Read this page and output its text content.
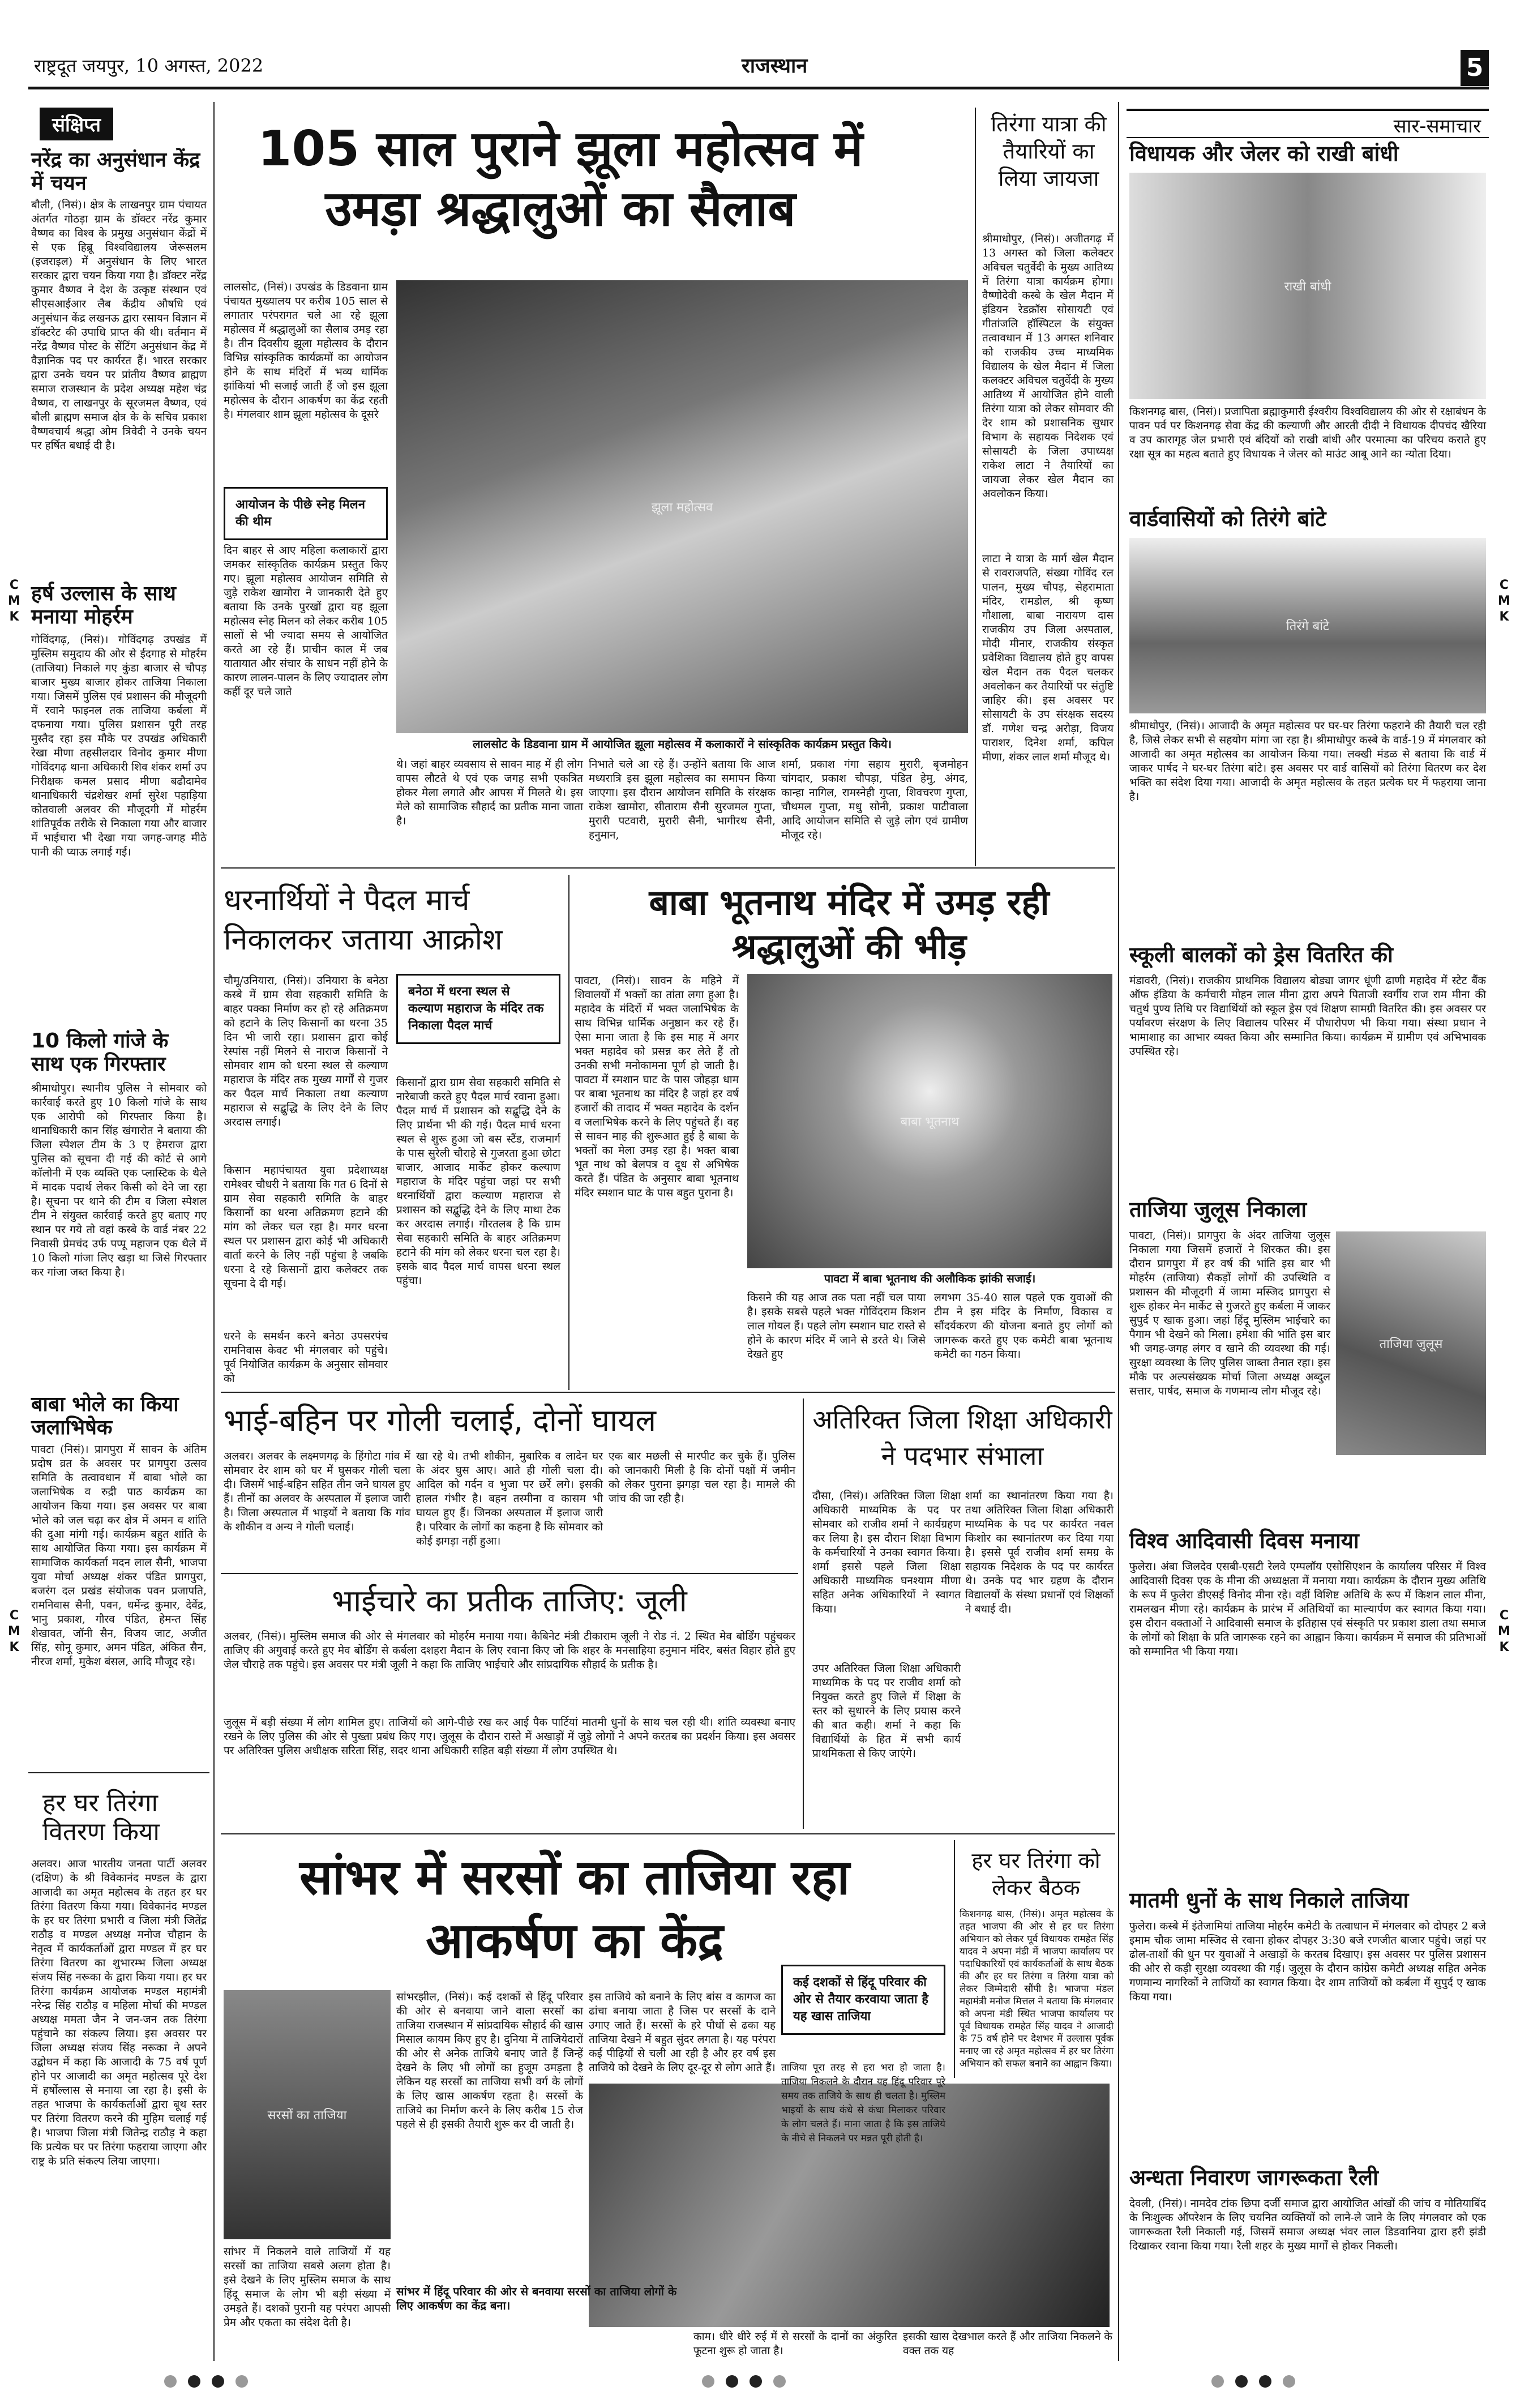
राष्ट्रदूत जयपुर, 10 अगस्त, 2022	राजस्थान	5
C
M
K
C
M
K
C
M
K
C
M
K
संक्षिप्त
नरेंद्र का अनुसंधान केंद्र में चयन
बौली, (निसं)। क्षेत्र के लाखनपुर ग्राम पंचायत अंतर्गत गोठड़ा ग्राम के डॉक्टर नरेंद्र कुमार वैष्णव का विश्व के प्रमुख अनुसंधान केंद्रों में से एक हिब्रू विश्वविद्यालय जेरूसलम (इजराइल) में अनुसंधान के लिए भारत सरकार द्वारा चयन किया गया है। डॉक्टर नरेंद्र कुमार वैष्णव ने देश के उत्कृष्ट संस्थान एवं सीएसआईआर लैब केंद्रीय औषधि एवं अनुसंधान केंद्र लखनऊ द्वारा रसायन विज्ञान में डॉक्टरेट की उपाधि प्राप्त की थी। वर्तमान में नरेंद्र वैष्णव पोस्ट के सेंटिंग अनुसंधान केंद्र में वैज्ञानिक पद पर कार्यरत हैं। भारत सरकार द्वारा उनके चयन पर प्रांतीय वैष्णव ब्राह्मण समाज राजस्थान के प्रदेश अध्यक्ष महेश चंद्र वैष्णव, रा लाखनपुर के सूरजमल वैष्णव, एवं बौली ब्राह्मण समाज क्षेत्र के के सचिव प्रकाश वैष्णवचार्य श्रद्धा ओम त्रिवेदी ने उनके चयन पर हर्षित बधाई दी है।
हर्ष उल्लास के साथ मनाया मोहर्रम
गोविंदगढ़, (निसं)। गोविंदगढ़ उपखंड में मुस्लिम समुदाय की ओर से ईदगाह से मोहर्रम (ताजिया) निकाले गए कुंडा बाजार से चौपड़ बाजार मुख्य बाजार होकर ताजिया निकाला गया। जिसमें पुलिस एवं प्रशासन की मौजूदगी में रवाने फाइनल तक ताजिया कर्बला में दफनाया गया। पुलिस प्रशासन पूरी तरह मुस्तैद रहा इस मौके पर उपखंड अधिकारी रेखा मीणा तहसीलदार विनोद कुमार मीणा गोविंदगढ़ थाना अधिकारी शिव शंकर शर्मा उप निरीक्षक कमल प्रसाद मीणा बढौदामेव थानाधिकारी चंद्रशेखर शर्मा सुरेश पहाड़िया कोतवाली अलवर की मौजूदगी में मोहर्रम शांतिपूर्वक तरीके से निकाला गया और बाजार में भाईचारा भी देखा गया जगह-जगह मीठे पानी की प्याऊ लगाई गई।
10 किलो गांजे के साथ एक गिरफ्तार
श्रीमाधोपुर। स्थानीय पुलिस ने सोमवार को कार्रवाई करते हुए 10 किलो गांजे के साथ एक आरोपी को गिरफ्तार किया है। थानाधिकारी कान सिंह खंगारोत ने बताया की जिला स्पेशल टीम के 3 ए हेमराज द्वारा पुलिस को सूचना दी गई की कोर्ट से आगे कॉलोनी में एक व्यक्ति एक प्लास्टिक के थैले में मादक पदार्थ लेकर किसी को देने जा रहा है। सूचना पर थाने की टीम व जिला स्पेशल टीम ने संयुक्त कार्रवाई करते हुए बताए गए स्थान पर गये तो वहां कस्बे के वार्ड नंबर 22 निवासी प्रेमचंद उर्फ पप्पू महाजन एक थैले में 10 किलो गांजा लिए खड़ा था जिसे गिरफ्तार कर गांजा जब्त किया है।
बाबा भोले का किया जलाभिषेक
पावटा (निसं)। प्रागपुरा में सावन के अंतिम प्रदोष व्रत के अवसर पर प्रागपुरा उत्सव समिति के तत्वावधान में बाबा भोले का जलाभिषेक व रुद्री पाठ कार्यक्रम का आयोजन किया गया। इस अवसर पर बाबा भोले को जल चढ़ा कर क्षेत्र में अमन व शांति की दुआ मांगी गई। कार्यक्रम बहुत शांति के साथ आयोजित किया गया। इस कार्यक्रम में सामाजिक कार्यकर्ता मदन लाल सैनी, भाजपा युवा मोर्चा अध्यक्ष शंकर पंडित प्रागपुरा, बजरंग दल प्रखंड संयोजक पवन प्रजापति, रामनिवास सैनी, पवन, धर्मेन्द्र कुमार, देवेंद्र, भानु प्रकाश, गौरव पंडित, हेमन्त सिंह शेखावत, जॉनी सैन, विजय जाट, अजीत सिंह, सोनू कुमार, अमन पंडित, अंकित सैन, नीरज शर्मा, मुकेश बंसल, आदि मौजूद रहे।
हर घर तिरंगा वितरण किया
अलवर। आज भारतीय जनता पार्टी अलवर (दक्षिण) के श्री विवेकानंद मण्डल के द्वारा आजादी का अमृत महोत्सव के तहत हर घर तिरंगा वितरण किया गया। विवेकानंद मण्डल के हर घर तिरंगा प्रभारी व जिला मंत्री जितेंद्र राठौड़ व मण्डल अध्यक्ष मनोज चौहान के नेतृत्व में कार्यकर्ताओं द्वारा मण्डल में हर घर तिरंगा वितरण का शुभारम्भ जिला अध्यक्ष संजय सिंह नरूका के द्वारा किया गया। हर घर तिरंगा कार्यक्रम आयोजक मण्डल महामंत्री नरेन्द्र सिंह राठौड़ व महिला मोर्चा की मण्डल अध्यक्ष ममता जैन ने जन-जन तक तिरंगा पहुंचाने का संकल्प लिया। इस अवसर पर जिला अध्यक्ष संजय सिंह नरूका ने अपने उद्बोधन में कहा कि आजादी के 75 वर्ष पूर्ण होने पर आजादी का अमृत महोत्सव पूरे देश में हर्षोल्लास से मनाया जा रहा है। इसी के तहत भाजपा के कार्यकर्ताओं द्वारा बूथ स्तर पर तिरंगा वितरण करने की मुहिम चलाई गई है। भाजपा जिला मंत्री जितेन्द्र राठौड़ ने कहा कि प्रत्येक घर पर तिरंगा फहराया जाएगा और राष्ट्र के प्रति संकल्प लिया जाएगा।
105 साल पुराने झूला महोत्सव में उमड़ा श्रद्धालुओं का सैलाब
लालसोट, (निसं)। उपखंड के डिडवाना ग्राम पंचायत मुख्यालय पर करीब 105 साल से लगातार परंपरागत चले आ रहे झूला महोत्सव में श्रद्धालुओं का सैलाब उमड़ रहा है। तीन दिवसीय झूला महोत्सव के दौरान विभिन्न सांस्कृतिक कार्यक्रमों का आयोजन होने के साथ मंदिरों में भव्य धार्मिक झांकियां भी सजाई जाती हैं जो इस झूला महोत्सव के दौरान आकर्षण का केंद्र रहती है। मंगलवार शाम झूला महोत्सव के दूसरे
आयोजन के पीछे स्नेह मिलन की थीम
दिन बाहर से आए महिला कलाकारों द्वारा जमकर सांस्कृतिक कार्यक्रम प्रस्तुत किए गए। झूला महोत्सव आयोजन समिति से जुड़े राकेश खामोरा ने जानकारी देते हुए बताया कि उनके पुरखों द्वारा यह झूला महोत्सव स्नेह मिलन को लेकर करीब 105 सालों से भी ज्यादा समय से आयोजित करते आ रहे हैं। प्राचीन काल में जब यातायात और संचार के साधन नहीं होने के कारण लालन-पालन के लिए ज्यादातर लोग कहीं दूर चले जाते
झूला महोत्सव
लालसोट के डिडवाना ग्राम में आयोजित झूला महोत्सव में कलाकारों ने सांस्कृतिक कार्यक्रम प्रस्तुत किये।
थे। जहां बाहर व्यवसाय से सावन माह में ही लोग वापस लौटते थे एवं एक जगह सभी एकत्रित होकर मेला लगाते और आपस में मिलते थे। इस मेले को सामाजिक सौहार्द का प्रतीक माना जाता है।
निभाते चले आ रहे हैं। उन्होंने बताया कि आज मध्यरात्रि इस झूला महोत्सव का समापन किया जाएगा। इस दौरान आयोजन समिति के संरक्षक राकेश खामोरा, सीताराम सैनी सुरजमल गुप्ता, मुरारी पटवारी, मुरारी सैनी, भागीरथ सैनी, हनुमान,
शर्मा, प्रकाश गंगा सहाय मुरारी, बृजमोहन चांगदार, प्रकाश चौपड़ा, पंडित हेमु, अंगद, कान्हा नागिल, रामस्नेही गुप्ता, शिवचरण गुप्ता, चौथमल गुप्ता, मधु सोनी, प्रकाश पाटीवाला आदि आयोजन समिति से जुड़े लोग एवं ग्रामीण मौजूद रहे।
तिरंगा यात्रा की तैयारियों का लिया जायजा
श्रीमाधोपुर, (निसं)। अजीतगढ़ में 13 अगस्त को जिला कलेक्टर अविचल चतुर्वेदी के मुख्य आतिथ्य में तिरंगा यात्रा कार्यक्रम होगा। वैष्णोदेवी कस्बे के खेल मैदान में इंडियन रेडक्रॉस सोसायटी एवं गीतांजलि हॉस्पिटल के संयुक्त तत्वावधान में 13 अगस्त शनिवार को राजकीय उच्च माध्यमिक विद्यालय के खेल मैदान में जिला कलक्टर अविचल चतुर्वेदी के मुख्य आतिथ्य में आयोजित होने वाली तिरंगा यात्रा को लेकर सोमवार की देर शाम को प्रशासनिक सुधार विभाग के सहायक निदेशक एवं सोसायटी के जिला उपाध्यक्ष राकेश लाटा ने तैयारियों का जायजा लेकर खेल मैदान का अवलोकन किया।
लाटा ने यात्रा के मार्ग खेल मैदान से रावराजपति, संख्या गोविंद रल पालन, मुख्य चौपड़, सेहरामाता मंदिर, रामडोल, श्री कृष्ण गौशाला, बाबा नारायण दास राजकीय उप जिला अस्पताल, मोदी मीनार, राजकीय संस्कृत प्रवेशिका विद्यालय होते हुए वापस खेल मैदान तक पैदल चलकर अवलोकन कर तैयारियों पर संतुष्टि जाहिर की। इस अवसर पर सोसायटी के उप संरक्षक सदस्य डॉ. गणेश चन्द्र अरोड़ा, विजय पाराशर, दिनेश शर्मा, कपिल मीणा, शंकर लाल शर्मा मौजूद थे।
धरनार्थियों ने पैदल मार्च निकालकर जताया आक्रोश
चौमू/उनियारा, (निसं)। उनियारा के बनेठा कस्बे में ग्राम सेवा सहकारी समिति के बाहर पक्का निर्माण कर हो रहे अतिक्रमण को हटाने के लिए किसानों का धरना 35 दिन भी जारी रहा। प्रशासन द्वारा कोई रेस्पांस नहीं मिलने से नाराज किसानों ने सोमवार शाम को धरना स्थल से कल्याण महाराज के मंदिर तक मुख्य मार्गों से गुजर कर पैदल मार्च निकाला तथा कल्याण महाराज से सद्बुद्धि के लिए देने के लिए अरदास लगाई।
किसान महापंचायत युवा प्रदेशाध्यक्ष रामेश्वर चौधरी ने बताया कि गत 6 दिनों से ग्राम सेवा सहकारी समिति के बाहर किसानों का धरना अतिक्रमण हटाने की मांग को लेकर चल रहा है। मगर धरना स्थल पर प्रशासन द्वारा कोई भी अधिकारी वार्ता करने के लिए नहीं पहुंचा है जबकि धरना दे रहे किसानों द्वारा कलेक्टर तक सूचना दे दी गई।
धरने के समर्थन करने बनेठा उपसरपंच रामनिवास केवट भी मंगलवार को पहुंचे। पूर्व नियोजित कार्यक्रम के अनुसार सोमवार को
बनेठा में धरना स्थल से कल्याण महाराज के मंदिर तक निकाला पैदल मार्च
किसानों द्वारा ग्राम सेवा सहकारी समिति से नारेबाजी करते हुए पैदल मार्च रवाना हुआ। पैदल मार्च में प्रशासन को सद्बुद्धि देने के लिए प्रार्थना भी की गई। पैदल मार्च धरना स्थल से शुरू हुआ जो बस स्टैंड, राजमार्ग के पास सुरेली चौराहे से गुजरता हुआ छोटा बाजार, आजाद मार्केट होकर कल्याण महाराज के मंदिर पहुंचा जहां पर सभी धरनार्थियों द्वारा कल्याण महाराज से प्रशासन को सद्बुद्धि देने के लिए माथा टेक कर अरदास लगाई। गौरतलब है कि ग्राम सेवा सहकारी समिति के बाहर अतिक्रमण हटाने की मांग को लेकर धरना चल रहा है। इसके बाद पैदल मार्च वापस धरना स्थल पहुंचा।
बाबा भूतनाथ मंदिर में उमड़ रही श्रद्धालुओं की भीड़
पावटा, (निसं)। सावन के महिने में शिवालयों में भक्तों का तांता लगा हुआ है। महादेव के मंदिरों में भक्त जलाभिषेक के साथ विभिन्न धार्मिक अनुष्ठान कर रहे हैं। ऐसा माना जाता है कि इस माह में अगर भक्त महादेव को प्रसन्न कर लेते हैं तो उनकी सभी मनोकामना पूर्ण हो जाती है। पावटा में स्मशान घाट के पास जोहड़ा धाम पर बाबा भूतनाथ का मंदिर है जहां हर वर्ष हजारों की तादाद में भक्त महादेव के दर्शन व जलाभिषेक करने के लिए पहुंचते हैं। वह से सावन माह की शुरूआत हुई है बाबा के भक्तों का मेला उमड़ रहा है। भक्त बाबा भूत नाथ को बेलपत्र व दूध से अभिषेक करते हैं। पंडित के अनुसार बाबा भूतनाथ मंदिर स्मशान घाट के पास बहुत पुराना है।
बाबा भूतनाथ
पावटा में बाबा भूतनाथ की अलौकिक झांकी सजाई।
किसने की यह आज तक पता नहीं चल पाया है। इसके सबसे पहले भक्त गोविंदराम किशन लाल गोयल हैं। पहले लोग स्मशान घाट रास्ते से होने के कारण मंदिर में जाने से डरते थे। जिसे देखते हुए
लगभग 35-40 साल पहले एक युवाओं की टीम ने इस मंदिर के निर्माण, विकास व सौंदर्यकरण की योजना बनाते हुए लोगों को जागरूक करते हुए एक कमेटी बाबा भूतनाथ कमेटी का गठन किया।
भाई-बहिन पर गोली चलाई, दोनों घायल
अलवर। अलवर के लक्ष्मणगढ़ के हिंगोटा गांव में सोमवार देर शाम को घर में घुसकर गोली चला दी। जिसमें भाई-बहिन सहित तीन जने घायल हुए हैं। तीनों का अलवर के अस्पताल में इलाज जारी है। जिला अस्पताल में भाइयों ने बताया कि गांव के शौकीन व अन्य ने गोली चलाई।
खा रहे थे। तभी शौकीन, मुबारिक व लादेन घर के अंदर घुस आए। आते ही गोली चला दी। आदिल को गर्दन व भुजा पर छर्रे लगे। इसकी हालत गंभीर है। बहन तस्मीना व कासम भी घायल हुए हैं। जिनका अस्पताल में इलाज जारी है। परिवार के लोगों का कहना है कि सोमवार को कोई झगड़ा नहीं हुआ।
एक बार मछली से मारपीट कर चुके हैं। पुलिस को जानकारी मिली है कि दोनों पक्षों में जमीन को लेकर पुराना झगड़ा चल रहा है। मामले की जांच की जा रही है।
अतिरिक्त जिला शिक्षा अधिकारी ने पदभार संभाला
दौसा, (निसं)। अतिरिक्त जिला शिक्षा अधिकारी माध्यमिक के पद पर सोमवार को राजीव शर्मा ने कार्यग्रहण कर लिया है। इस दौरान शिक्षा विभाग के कर्मचारियों ने उनका स्वागत किया। शर्मा इससे पहले जिला शिक्षा अधिकारी माध्यमिक घनश्याम मीणा सहित अनेक अधिकारियों ने स्वागत किया।
उपर अतिरिक्त जिला शिक्षा अधिकारी माध्यमिक के पद पर राजीव शर्मा को नियुक्त करते हुए जिले में शिक्षा के स्तर को सुधारने के लिए प्रयास करने की बात कही। शर्मा ने कहा कि विद्यार्थियों के हित में सभी कार्य प्राथमिकता से किए जाएंगे।
शर्मा का स्थानांतरण किया गया है। तथा अतिरिक्त जिला शिक्षा अधिकारी माध्यमिक के पद पर कार्यरत नवल किशोर का स्थानांतरण कर दिया गया है। इससे पूर्व राजीव शर्मा समग्र के सहायक निदेशक के पद पर कार्यरत थे। उनके पद भार ग्रहण के दौरान विद्यालयों के संस्था प्रधानों एवं शिक्षकों ने बधाई दी।
भाईचारे का प्रतीक ताजिए: जूली
अलवर, (निसं)। मुस्लिम समाज की ओर से मंगलवार को मोहर्रम मनाया गया। कैबिनेट मंत्री टीकाराम जूली ने रोड नं. 2 स्थित मेव बोर्डिंग पहुंचकर ताजिए की अगुवाई करते हुए मेव बोर्डिंग से कर्बला दशहरा मैदान के लिए रवाना किए जो कि शहर के मनसाहिया हनुमान मंदिर, बसंत विहार होते हुए जेल चौराहे तक पहुंचे। इस अवसर पर मंत्री जूली ने कहा कि ताजिए भाईचारे और सांप्रदायिक सौहार्द के प्रतीक है।
जुलूस में बड़ी संख्या में लोग शामिल हुए। ताजियों को आगे-पीछे रख कर आई पैक पार्टियां मातमी धुनों के साथ चल रही थी। शांति व्यवस्था बनाए रखने के लिए पुलिस की ओर से पुख्ता प्रबंध किए गए। जुलूस के दौरान रास्ते में अखाड़ों में जुड़े लोगों ने अपने करतब का प्रदर्शन किया। इस अवसर पर अतिरिक्त पुलिस अधीक्षक सरिता सिंह, सदर थाना अधिकारी सहित बड़ी संख्या में लोग उपस्थित थे।
सांभर में सरसों का ताजिया रहा आकर्षण का केंद्र
सांभरझील, (निसं)। कई दशकों से हिंदू परिवार की ओर से बनवाया जाने वाला सरसों का ताजिया राजस्थान में सांप्रदायिक सौहार्द की खास मिसाल कायम किए हुए है। दुनिया में ताजियेदारों की ओर से अनेक ताजिये बनाए जाते हैं जिन्हें देखने के लिए भी लोगों का हुजूम उमड़ता है लेकिन यह सरसों का ताजिया सभी वर्ग के लोगों के लिए खास आकर्षण रहता है। सरसों के ताजिये का निर्माण करने के लिए करीब 15 रोज पहले से ही इसकी तैयारी शुरू कर दी जाती है।
इस ताजिये को बनाने के लिए बांस व कागज का ढांचा बनाया जाता है जिस पर सरसों के दाने उगाए जाते हैं। सरसों के हरे पौधों से ढका यह ताजिया देखने में बहुत सुंदर लगता है। यह परंपरा कई पीढ़ियों से चली आ रही है और हर वर्ष इस ताजिये को देखने के लिए दूर-दूर से लोग आते हैं।
सरसों का ताजिया
कई दशकों से हिंदू परिवार की ओर से तैयार करवाया जाता है यह खास ताजिया
सांभर में हिंदू परिवार की ओर से बनवाया सरसों का ताजिया लोगों के लिए आकर्षण का केंद्र बना।
ताजिया पूरा तरह से हरा भरा हो जाता है। ताजिया निकलने के दौरान यह हिंदू परिवार पूरे समय तक ताजिये के साथ ही चलता है। मुस्लिम भाइयों के साथ कंधे से कंधा मिलाकर परिवार के लोग चलते हैं। माना जाता है कि इस ताजिये के नीचे से निकलने पर मन्नत पूरी होती है।
काम। धीरे धीरे रुई में से सरसों के दानों का अंकुरित फूटना शुरू हो जाता है।
इसकी खास देखभाल करते हैं और ताजिया निकलने के वक्त तक यह
सांभर में निकलने वाले ताजियों में यह सरसों का ताजिया सबसे अलग होता है। इसे देखने के लिए मुस्लिम समाज के साथ हिंदू समाज के लोग भी बड़ी संख्या में उमड़ते हैं। दशकों पुरानी यह परंपरा आपसी प्रेम और एकता का संदेश देती है।
हर घर तिरंगा को लेकर बैठक
किशनगढ़ बास, (निसं)। अमृत महोत्सव के तहत भाजपा की ओर से हर घर तिरंगा अभियान को लेकर पूर्व विधायक रामहेत सिंह यादव ने अपना मंडी में भाजपा कार्यालय पर पदाधिकारियों एवं कार्यकर्ताओं के साथ बैठक की और हर घर तिरंगा व तिरंगा यात्रा को लेकर जिम्मेदारी सौंपी है। भाजपा मंडल महामंत्री मनोज मित्तल ने बताया कि मंगलवार को अपना मंडी स्थित भाजपा कार्यालय पर पूर्व विधायक रामहेत सिंह यादव ने आजादी के 75 वर्ष होने पर देशभर में उल्लास पूर्वक मनाए जा रहे अमृत महोत्सव में हर घर तिरंगा अभियान को सफल बनाने का आह्वान किया।
सार-समाचार
विधायक और जेलर को राखी बांधी
राखी बांधी
किशनगढ़ बास, (निसं)। प्रजापिता ब्रह्माकुमारी ईश्वरीय विश्वविद्यालय की ओर से रक्षाबंधन के पावन पर्व पर किशनगढ़ सेवा केंद्र की कल्याणी और आरती दीदी ने विधायक दीपचंद खैरिया व उप कारागृह जेल प्रभारी एवं बंदियों को राखी बांधी और परमात्मा का परिचय कराते हुए रक्षा सूत्र का महत्व बताते हुए विधायक ने जेलर को माउंट आबू आने का न्योता दिया।
वार्डवासियों को तिरंगे बांटे
तिरंगे बांटे
श्रीमाधोपुर, (निसं)। आजादी के अमृत महोत्सव पर घर-घर तिरंगा फहराने की तैयारी चल रही है, जिसे लेकर सभी से सहयोग मांगा जा रहा है। श्रीमाधोपुर कस्बे के वार्ड-19 में मंगलवार को आजादी का अमृत महोत्सव का आयोजन किया गया। लक्खी मंडळ से बताया कि वार्ड में जाकर पार्षद ने घर-घर तिरंगा बांटे। इस अवसर पर वार्ड वासियों को तिरंगा वितरण कर देश भक्ति का संदेश दिया गया। आजादी के अमृत महोत्सव के तहत प्रत्येक घर में फहराया जाना है।
स्कूली बालकों को ड्रेस वितरित की
मंडावरी, (निसं)। राजकीय प्राथमिक विद्यालय बोड्या जागर धूंणी ढाणी महादेव में स्टेट बैंक ऑफ इंडिया के कर्मचारी मोहन लाल मीना द्वारा अपने पिताजी स्वर्गीय राज राम मीना की चतुर्थ पुण्य तिथि पर विद्यार्थियों को स्कूल ड्रेस एवं शिक्षण सामग्री वितरित की। इस अवसर पर पर्यावरण संरक्षण के लिए विद्यालय परिसर में पौधारोपण भी किया गया। संस्था प्रधान ने भामाशाह का आभार व्यक्त किया और सम्मानित किया। कार्यक्रम में ग्रामीण एवं अभिभावक उपस्थित रहे।
ताजिया जुलूस निकाला
पावटा, (निसं)। प्रागपुरा के अंदर ताजिया जुलूस निकाला गया जिसमें हजारों ने शिरकत की। इस दौरान प्रागपुरा में हर वर्ष की भांति इस बार भी मोहर्रम (ताजिया) सैकड़ों लोगों की उपस्थिति व प्रशासन की मौजूदगी में जामा मस्जिद प्रागपुरा से शुरू होकर मेन मार्केट से गुजरते हुए कर्बला में जाकर सुपुर्द ए खाक हुआ। जहां हिंदू मुस्लिम भाईचारे का पैगाम भी देखने को मिला। हमेशा की भांति इस बार भी जगह-जगह लंगर व खाने की व्यवस्था की गई। सुरक्षा व्यवस्था के लिए पुलिस जाब्ता तैनात रहा। इस मौके पर अल्पसंख्यक मोर्चा जिला अध्यक्ष अब्दुल सत्तार, पार्षद, समाज के गणमान्य लोग मौजूद रहे।
ताजिया जुलूस
विश्व आदिवासी दिवस मनाया
फुलेरा। अंबा जिलदेव एसबी-एसटी रेलवे एम्पलॉय एसोसिएशन के कार्यालय परिसर में विश्व आदिवासी दिवस एक के मीना की अध्यक्षता में मनाया गया। कार्यक्रम के दौरान मुख्य अतिथि के रूप में फुलेरा डीएसई विनोद मीना रहे। वहीं विशिष्ट अतिथि के रूप में किशन लाल मीना, रामलखन मीणा रहे। कार्यक्रम के प्रारंभ में अतिथियों का माल्यार्पण कर स्वागत किया गया। इस दौरान वक्ताओं ने आदिवासी समाज के इतिहास एवं संस्कृति पर प्रकाश डाला तथा समाज के लोगों को शिक्षा के प्रति जागरूक रहने का आह्वान किया। कार्यक्रम में समाज की प्रतिभाओं को सम्मानित भी किया गया।
मातमी धुनों के साथ निकाले ताजिया
फुलेरा। कस्बे में इंतेजामियां ताजिया मोहर्रम कमेटी के तत्वाधान में मंगलवार को दोपहर 2 बजे इमाम चौक जामा मस्जिद से रवाना होकर दोपहर 3:30 बजे रणजीत बाजार पहुंचे। जहां पर ढोल-ताशों की धुन पर युवाओं ने अखाड़ों के करतब दिखाए। इस अवसर पर पुलिस प्रशासन की ओर से कड़ी सुरक्षा व्यवस्था की गई। जुलूस के दौरान कांग्रेस कमेटी अध्यक्ष सहित अनेक गणमान्य नागरिकों ने ताजियों का स्वागत किया। देर शाम ताजियों को कर्बला में सुपुर्द ए खाक किया गया।
अन्धता निवारण जागरूकता रैली
देवली, (निसं)। नामदेव टांक छिपा दर्जी समाज द्वारा आयोजित आंखों की जांच व मोतियाबिंद के निःशुल्क ऑपरेशन के लिए चयनित व्यक्तियों को लाने-ले जाने के लिए मंगलवार को एक जागरूकता रैली निकाली गई, जिसमें समाज अध्यक्ष भंवर लाल डिडवानिया द्वारा हरी झंडी दिखाकर रवाना किया गया। रैली शहर के मुख्य मार्गों से होकर निकली।
